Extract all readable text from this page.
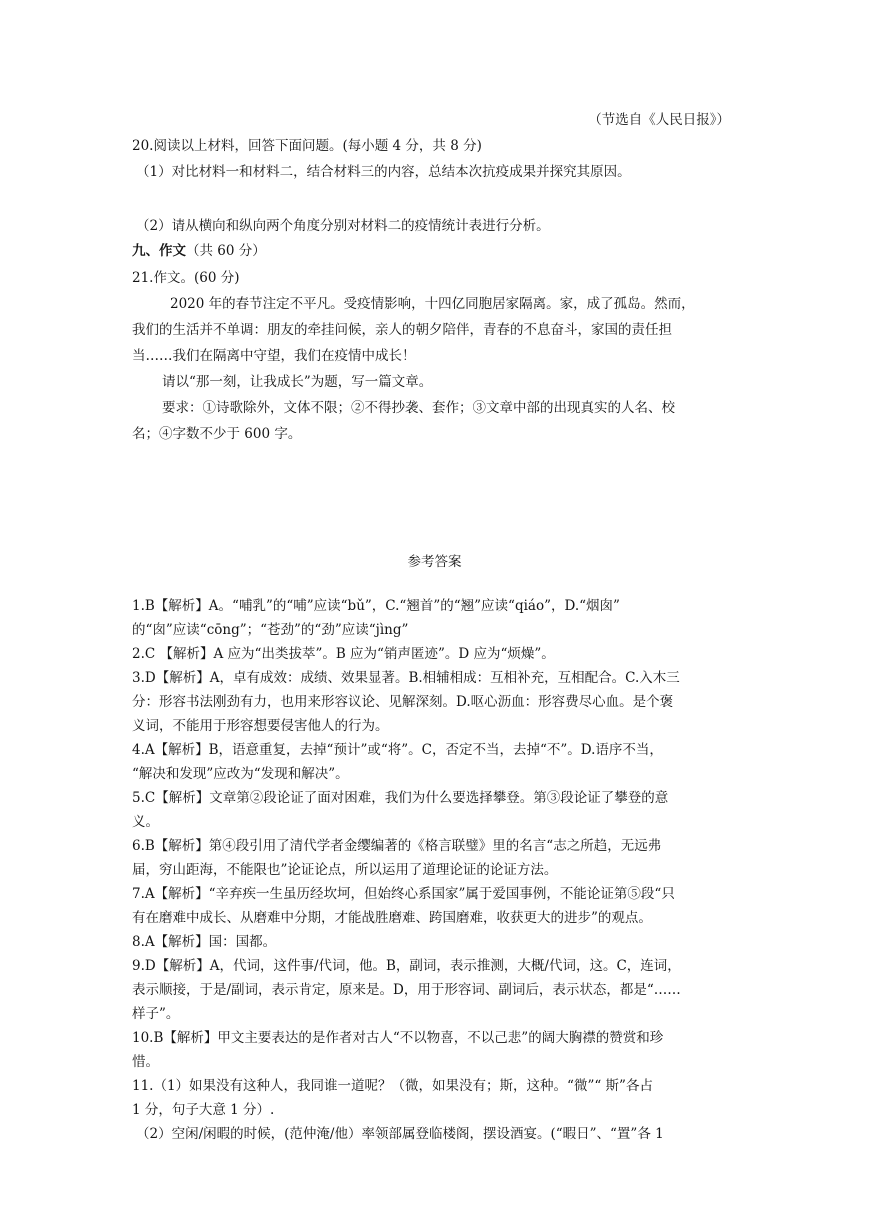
（节选自《人民日报》）
20.阅读以上材料，回答下面问题。(每小题 4 分，共 8 分)
（1）对比材料一和材料二，结合材料三的内容，总结本次抗疫成果并探究其原因。
（2）请从横向和纵向两个角度分别对材料二的疫情统计表进行分析。
九、作文（共 60 分）
21.作文。(60 分)
2020 年的春节注定不平凡。受疫情影响，十四亿同胞居家隔离。家，成了孤岛。然而，
我们的生活并不单调：朋友的牵挂问候，亲人的朝夕陪伴，青春的不息奋斗，家国的责任担
当……我们在隔离中守望，我们在疫情中成长！
请以“那一刻，让我成长”为题，写一篇文章。
要求：①诗歌除外，文体不限；②不得抄袭、套作；③文章中部的出现真实的人名、校
名；④字数不少于 600 字。
参考答案
1.B【解析】A。“哺乳”的“哺”应读“bǔ”，C.“翘首”的“翘”应读“qiáo”，D.“烟囱”
的“囱”应读“cōng”；“苍劲”的“劲”应读“jìng”
2.C 【解析】A 应为“出类拔萃”。B 应为“销声匿迹”。D 应为“烦燥”。
3.D【解析】A，卓有成效：成绩、效果显著。B.相辅相成：互相补充，互相配合。C.入木三
分：形容书法刚劲有力，也用来形容议论、见解深刻。D.呕心沥血：形容费尽心血。是个褒
义词，不能用于形容想要侵害他人的行为。
4.A【解析】B，语意重复，去掉“预计”或“将”。C，否定不当，去掉“不”。D.语序不当，
“解决和发现”应改为“发现和解决”。
5.C【解析】文章第②段论证了面对困难，我们为什么要选择攀登。第③段论证了攀登的意
义。
6.B【解析】第④段引用了清代学者金缨编著的《格言联璧》里的名言“志之所趋，无远弗
届，穷山距海，不能限也”论证论点，所以运用了道理论证的论证方法。
7.A【解析】“辛弃疾一生虽历经坎坷，但始终心系国家”属于爱国事例，不能论证第⑤段“只
有在磨难中成长、从磨难中分期，才能战胜磨难、跨国磨难，收获更大的进步”的观点。
8.A【解析】国：国都。
9.D【解析】A，代词，这件事/代词，他。B，副词，表示推测，大概/代词，这。C，连词，
表示顺接，于是/副词，表示肯定，原来是。D，用于形容词、副词后，表示状态，都是“……
样子”。
10.B【解析】甲文主要表达的是作者对古人“不以物喜，不以己悲”的阔大胸襟的赞赏和珍
惜。
11.（1）如果没有这种人，我同谁一道呢？（微，如果没有；斯，这种。“微”“ 斯”各占
1 分，句子大意 1 分）.
（2）空闲/闲暇的时候，(范仲淹/他）率领部属登临楼阁，摆设酒宴。(“暇日”、“置”各 1
